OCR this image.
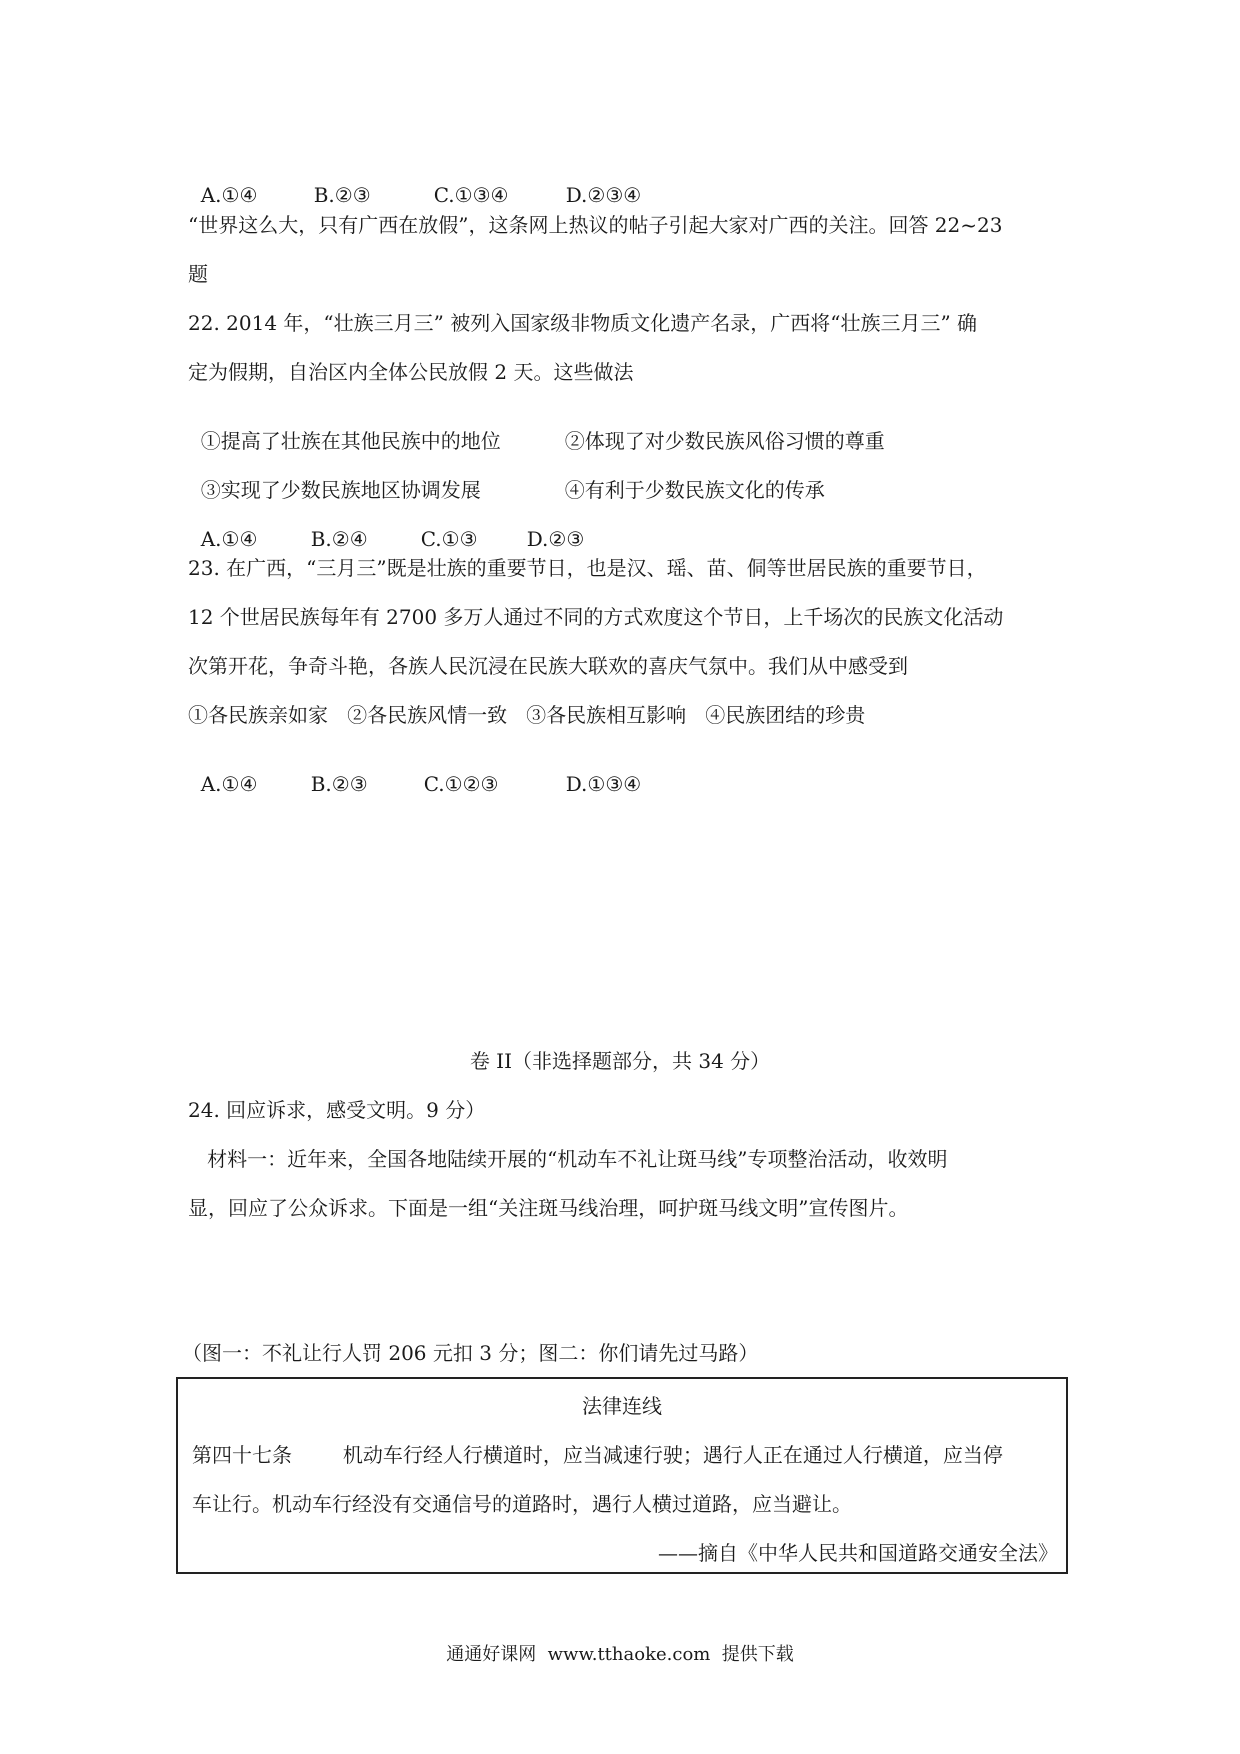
A.①④	B.②③	C.①③④	D.②③④

“世界这么大，只有广西在放假”，这条网上热议的帖子引起大家对广西的关注。回答 22~23
题
22. 2014 年，“壮族三月三” 被列入国家级非物质文化遗产名录，广西将“壮族三月三” 确
定为假期，自治区内全体公民放假 2 天。这些做法

①提高了壮族在其他民族中的地位	②体现了对少数民族风俗习惯的尊重

③实现了少数民族地区协调发展	④有利于少数民族文化的传承

A.①④	B.②④	C.①③ D.②③

23. 在广西，“三月三”既是壮族的重要节日，也是汉、瑶、苗、侗等世居民族的重要节日，
12 个世居民族每年有 2700 多万人通过不同的方式欢度这个节日，上千场次的民族文化活动
次第开花，争奇斗艳，各族人民沉浸在民族大联欢的喜庆气氛中。我们从中感受到
①各民族亲如家   ②各民族风情一致   ③各民族相互影响   ④民族团结的珍贵

A.①④	B.②③	C.①②③	D.①③④

卷 II（非选择题部分，共 34 分）
24. 回应诉求，感受文明。9 分）
材料一：近年来，全国各地陆续开展的“机动车不礼让斑马线”专项整治活动，收效明
显，回应了公众诉求。下面是一组“关注斑马线治理，呵护斑马线文明”宣传图片。
（图一：不礼让行人罚 206 元扣 3 分；图二：你们请先过马路）
法律连线
第四十七条        机动车行经人行横道时，应当减速行驶；遇行人正在通过人行横道，应当停
车让行。机动车行经没有交通信号的道路时，遇行人横过道路，应当避让。
——摘自《中华人民共和国道路交通安全法》
通通好课网  www.tthaoke.com  提供下载
